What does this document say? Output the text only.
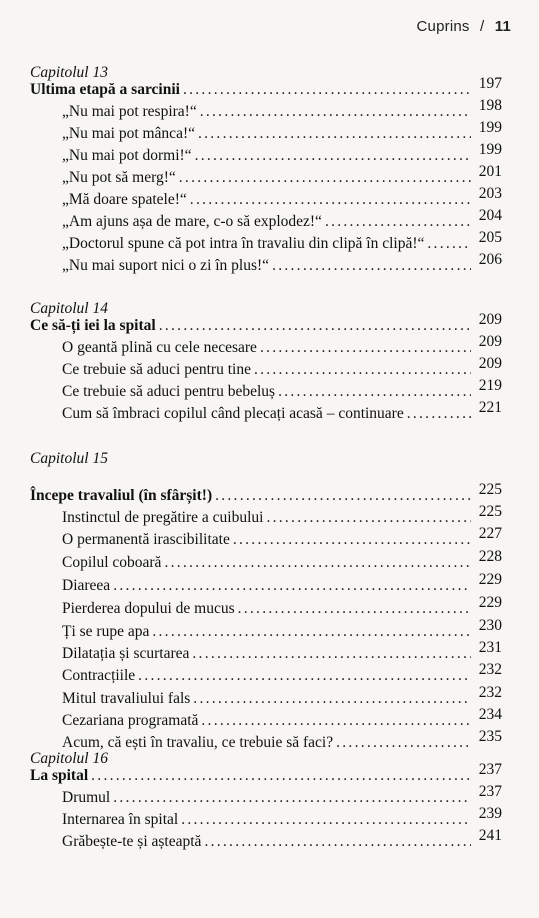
Cuprins / 11
Capitolul 13
Ultima etapă a sarcinii . . .	197
„Nu mai pot respira!“ . . .	198
„Nu mai pot mânca!“ . . .	199
„Nu mai pot dormi!“ . . .	199
„Nu pot să merg!“ . . .	201
„Mă doare spatele!“ . . .	203
„Am ajuns așa de mare, c-o să explodez!“ . . .	204
„Doctorul spune că pot intra în travaliu din clipă în clipă!“ . . .	205
„Nu mai suport nici o zi în plus!“ . . .	206
Capitolul 14
Ce să-ți iei la spital . . .	209
O geantă plină cu cele necesare . . .	209
Ce trebuie să aduci pentru tine . . .	209
Ce trebuie să aduci pentru bebeluș . . .	219
Cum să îmbraci copilul când plecați acasă – continuare . . .	221
Capitolul 15
Începe travaliul (în sfârșit!) . . .	225
Instinctul de pregătire a cuibului . . .	225
O permanentă irascibilitate . . .	227
Copilul coboară . . .	228
Diareea . . .	229
Pierderea dopului de mucus . . .	229
Ți se rupe apa . . .	230
Dilatația și scurtarea . . .	231
Contracțiile . . .	232
Mitul travaliului fals . . .	232
Cezariana programată . . .	234
Acum, că ești în travaliu, ce trebuie să faci? . . .	235
Capitolul 16
La spital . . .	237
Drumul . . .	237
Internarea în spital . . .	239
Grăbește-te și așteaptă . . .	241
